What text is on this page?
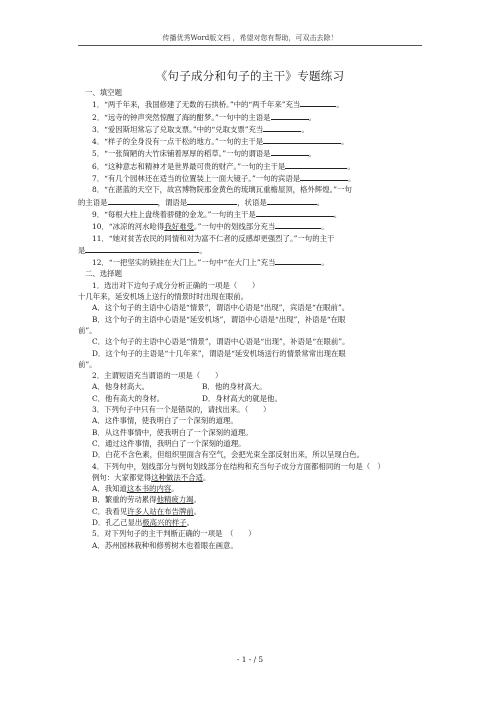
传播优秀Word版文档 ，希望对您有帮助，可双击去除！
《句子成分和句子的主干》专题练习
一、填空题
1．“两千年来，我国修建了无数的石拱桥。”中的“两千年来”充当	。
2．“远寺的钟声突然惊醒了海的酣梦。”一句中的主语是	。
3．“爱因斯坦常忘了兑取支票。”中的“兑取支票”充当	。
4．“样子的全身没有一点干松的地方。”一句的主干是	。
5．“一张简陋的大竹床铺着厚厚的稻草。”一句的谓语是	。
6．“这种意志和精神才是世界最可贵的财产。”一句的主干是	。
7．“有几个园林还在适当的位置装上一面大镜子。”一句的宾语是	。
8．“在湛蓝的天空下，故宫博物院那金黄色的琉璃瓦重檐屋顶，格外辉煌。”一句
的主语是	，谓语是	，状语是	。
9．“每根大柱上盘绕着骄健的金龙。”一句的主干是	。
10．“冰凉的河水呛得我好难受。”一句中的划线部分充当	。
11．“她对贫苦农民的同情和对为富不仁者的反感却更强烈了。”一句的主干
是	。
12．“一把坚实的锁挂在大门上。”一句中“在大门上”充当	。
二、选择题
1．选出对下边句子成分分析正确的一项是（　　）
十几年来，延安机场上送行的情景时时出现在眼前。
A．这个句子的主语中心语是“情景”，谓语中心语是“出现”，宾语是“在眼前”。
B．这个句子的主语中心语是“延安机场”，谓语中心语是“出现”，补语是“在眼
前”。
C．这个句子的主语中心语是“情景”，谓语中心语是“出现”，补语是“在眼前”。
D．这个句子的主语是“十几年来”，谓语是“延安机场送行的情景常常出现在眼
前”。
2．主谓短语充当谓语的一项是（　　）
A．他身材高大。	B．他的身材高大。
C．他有高大的身材。	D．身材高大的就是他。
3．下列句子中只有一个是错误的，请找出来。（　　）
A．这件事情，使我明白了一个深刻的道理。
B．从这件事情中，使我明白了一个深刻的道理。
C．通过这件事情，我明白了一个深刻的道理。
D．白花不含色素，但组织里面含有空气，会把光束全部反射出来，所以呈现白色。
4．下列句中，划线部分与例句划线部分在结构和充当句子成分方面都相同的一句是（　）
例句：大家都觉得这种做法不合适。
A．我知道这本书的内容。
B．繁重的劳动累得他精疲力竭。
C．我看见许多人站在布告牌前。
D．孔乙己显出极高兴的样子。
5．对下列句子的主干判断正确的一项是　（　　）
A．苏州园林栽种和修剪树木也着眼在画意。
- 1 - / 5
